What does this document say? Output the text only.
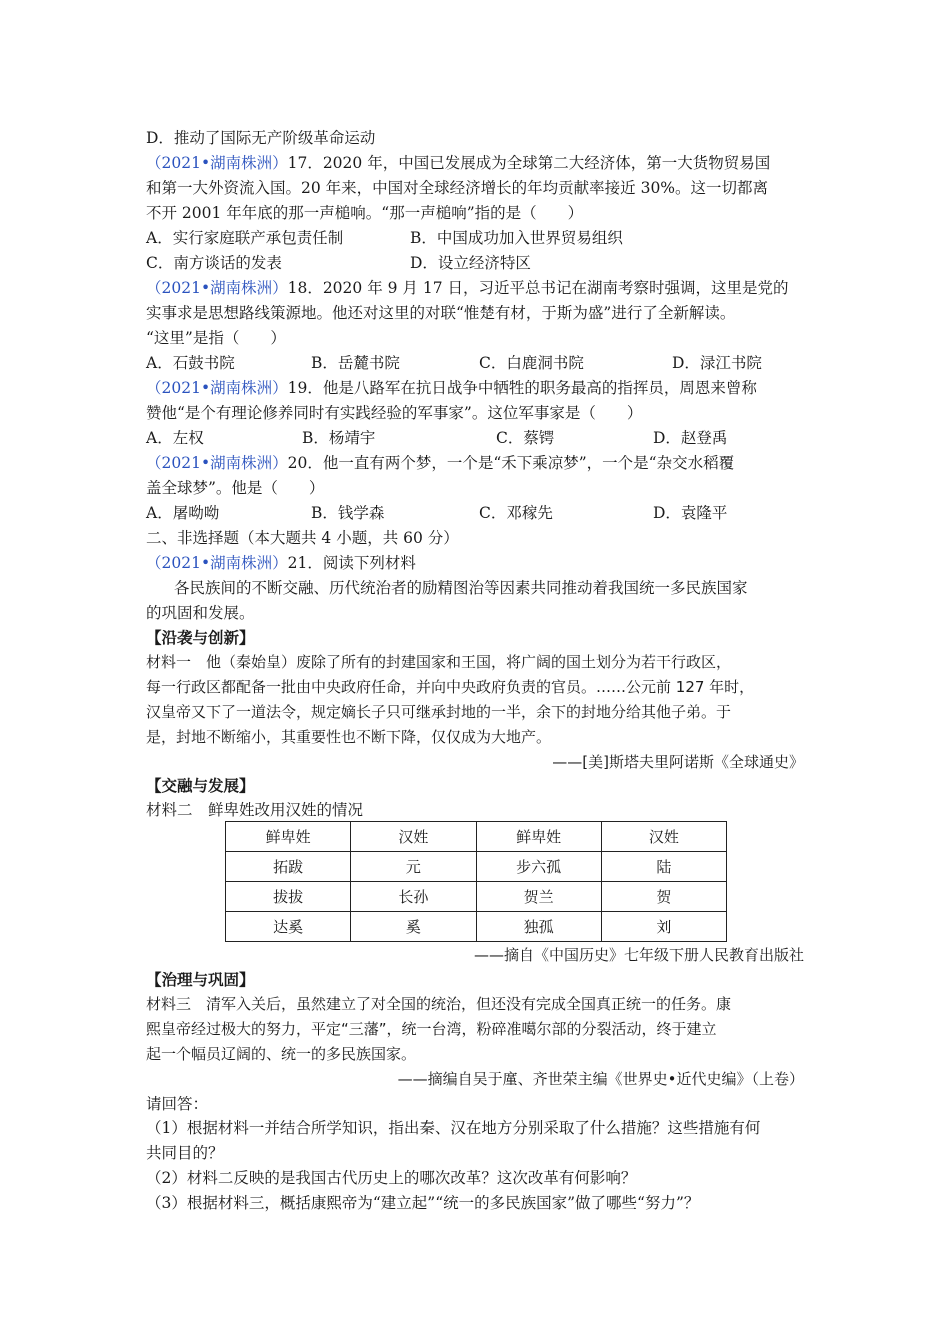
D．推动了国际无产阶级革命运动
（2021•湖南株洲）17．2020 年，中国已发展成为全球第二大经济体，第一大货物贸易国
和第一大外资流入国。20 年来，中国对全球经济增长的年均贡献率接近 30%。这一切都离
不开 2001 年年底的那一声槌响。“那一声槌响”指的是（　　）
A．实行家庭联产承包责任制	B．中国成功加入世界贸易组织
C．南方谈话的发表	D．设立经济特区
（2021•湖南株洲）18．2020 年 9 月 17 日，习近平总书记在湖南考察时强调，这里是党的
实事求是思想路线策源地。他还对这里的对联“惟楚有材，于斯为盛”进行了全新解读。
“这里”是指（　　）
A．石鼓书院	B．岳麓书院	C．白鹿洞书院	D．渌江书院
（2021•湖南株洲）19．他是八路军在抗日战争中牺牲的职务最高的指挥员，周恩来曾称
赞他“是个有理论修养同时有实践经验的军事家”。这位军事家是（　　）
A．左权	B．杨靖宇	C．蔡锷	D．赵登禹
（2021•湖南株洲）20．他一直有两个梦，一个是“禾下乘凉梦”，一个是“杂交水稻覆
盖全球梦”。他是（　　）
A．屠呦呦	B．钱学森	C．邓稼先	D．袁隆平
二、非选择题（本大题共 4 小题，共 60 分）
（2021•湖南株洲）21．阅读下列材料
各民族间的不断交融、历代统治者的励精图治等因素共同推动着我国统一多民族国家
的巩固和发展。
【沿袭与创新】
材料一　他（秦始皇）废除了所有的封建国家和王国，将广阔的国土划分为若干行政区，
每一行政区都配备一批由中央政府任命，并向中央政府负责的官员。……公元前 127 年时，
汉皇帝又下了一道法令，规定嫡长子只可继承封地的一半，余下的封地分给其他子弟。于
是，封地不断缩小，其重要性也不断下降，仅仅成为大地产。
——[美]斯塔夫里阿诺斯《全球通史》
【交融与发展】
材料二　鲜卑姓改用汉姓的情况
鲜卑姓	汉姓	鲜卑姓	汉姓
拓跋	元	步六孤	陆
拔拔	长孙	贺兰	贺
达奚	奚	独孤	刘
——摘自《中国历史》七年级下册人民教育出版社
【治理与巩固】
材料三　清军入关后，虽然建立了对全国的统治，但还没有完成全国真正统一的任务。康
熙皇帝经过极大的努力，平定“三藩”，统一台湾，粉碎准噶尔部的分裂活动，终于建立
起一个幅员辽阔的、统一的多民族国家。
——摘编自吴于廑、齐世荣主编《世界史•近代史编》（上卷）
请回答：
（1）根据材料一并结合所学知识，指出秦、汉在地方分别采取了什么措施？这些措施有何
共同目的？
（2）材料二反映的是我国古代历史上的哪次改革？这次改革有何影响？
（3）根据材料三，概括康熙帝为“建立起”“统一的多民族国家”做了哪些“努力”？
